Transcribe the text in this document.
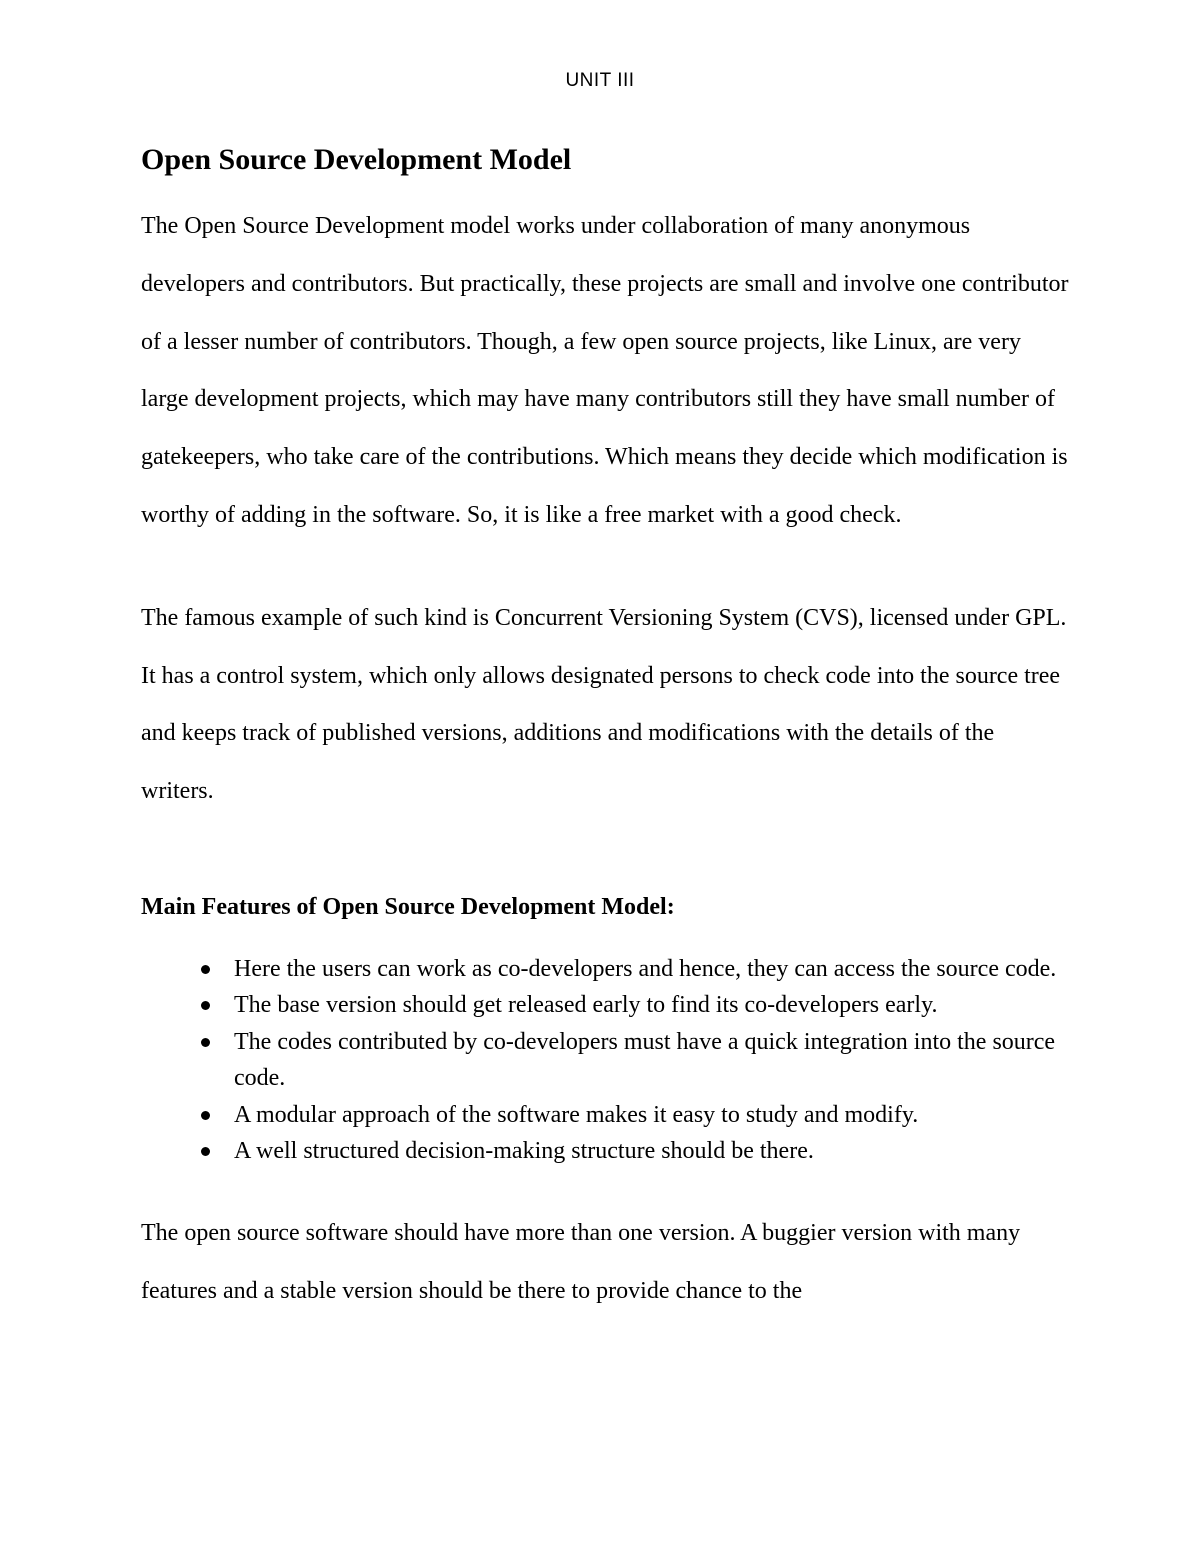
UNIT III
Open Source Development Model

The Open Source Development model works under collaboration of many anonymous developers and contributors. But practically, these projects are small and involve one contributor of a lesser number of contributors. Though, a few open source projects, like Linux, are very large development projects, which may have many contributors still they have small number of gatekeepers, who take care of the contributions. Which means they decide which modification is worthy of adding in the software. So, it is like a free market with a good check.

The famous example of such kind is Concurrent Versioning System (CVS), licensed under GPL. It has a control system, which only allows designated persons to check code into the source tree and keeps track of published versions, additions and modifications with the details of the writers.

Main Features of Open Source Development Model:
Here the users can work as co-developers and hence, they can access the source code.
The base version should get released early to find its co-developers early.
The codes contributed by co-developers must have a quick integration into the source code.
A modular approach of the software makes it easy to study and modify.
A well structured decision-making structure should be there.

The open source software should have more than one version. A buggier version with many features and a stable version should be there to provide chance to the
